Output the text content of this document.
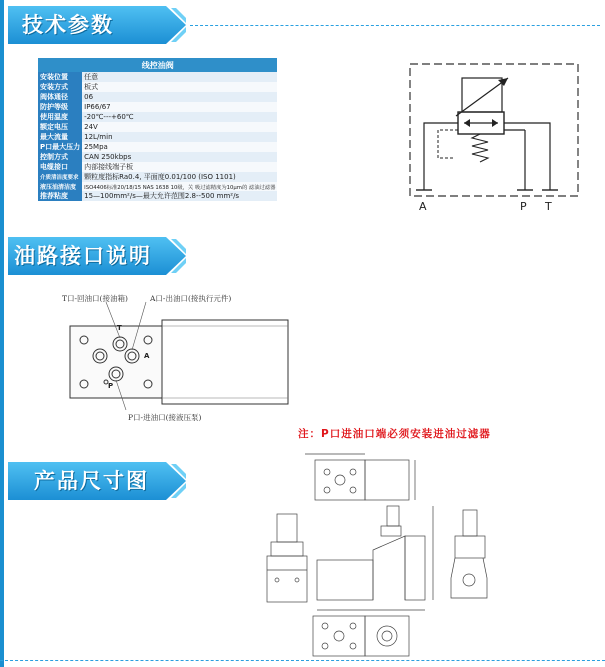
技术参数
线控油阀	
安装位置	任意
安装方式	板式
阀体通径	06
防护等级	IP66/67
使用温度	-20℃---+60℃
额定电压	24V
最大流量	12L/min
P口最大压力	25Mpa
控制方式	CAN 250kbps
电缆接口	内部接线端子板
介质清洁度要求	颗粒度指标Ra0.4, 平面度0.01/100 (ISO 1101)
液压油清洁度	ISO4406标准20/18/15 NAS 1638 10级，关 吸过滤精度为10μm的 滤油过滤器
推荐粘度	15—100mm²/s—最大允许范围2.8--500 mm²/s
A	P T
油路接口说明
T
A
P
T口-回油口(接油箱)	A口-出油口(接执行元件)
P口-进油口(接液压泵)
注：P口进油口端必须安装进油过滤器
产品尺寸图
